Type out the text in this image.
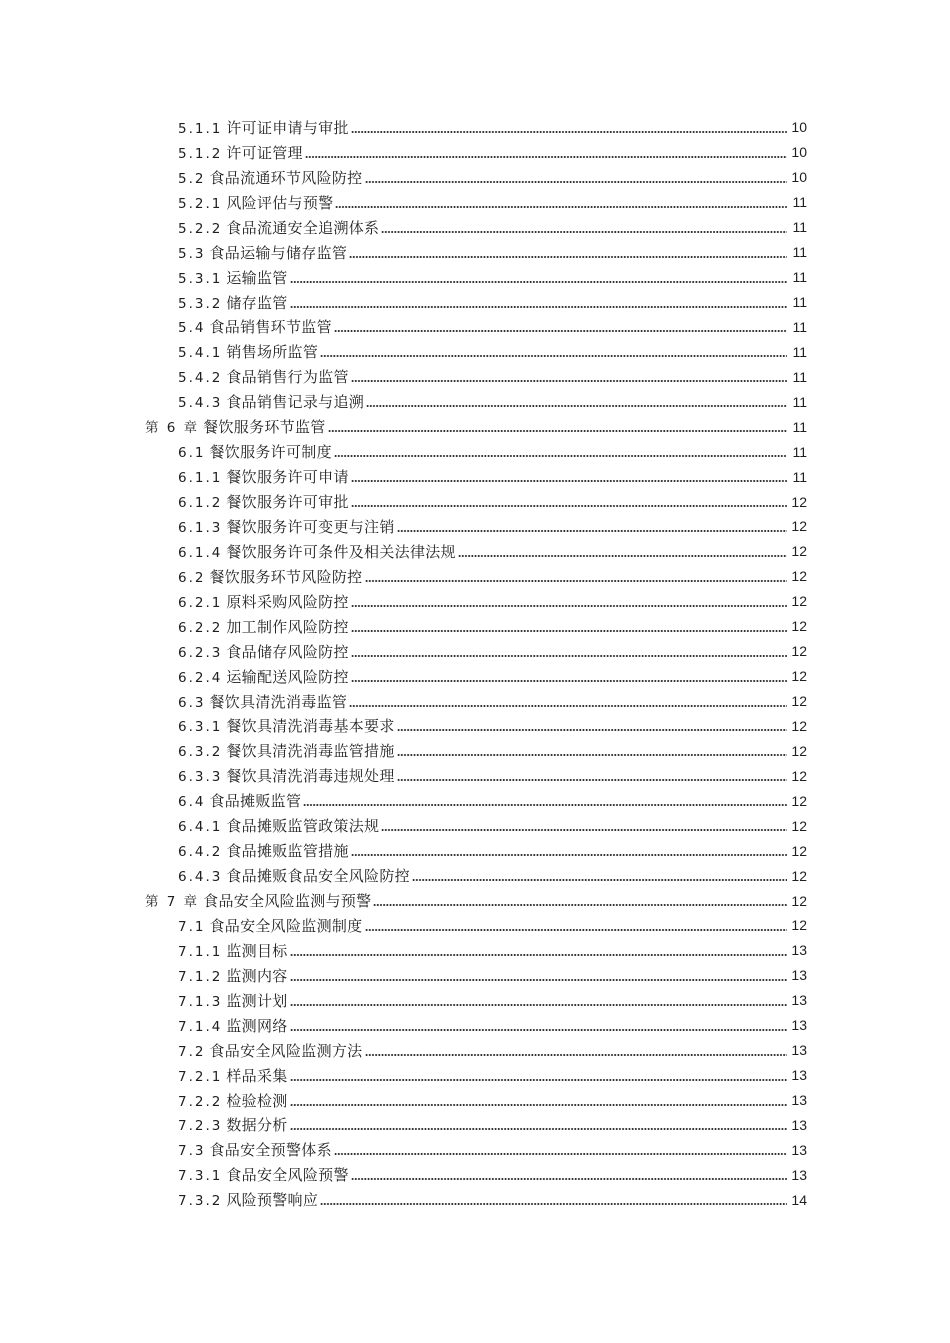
5.1.1 许可证申请与审批	10
5.1.2 许可证管理	10
5.2 食品流通环节风险防控	10
5.2.1 风险评估与预警	11
5.2.2 食品流通安全追溯体系	11
5.3 食品运输与储存监管	11
5.3.1 运输监管	11
5.3.2 储存监管	11
5.4 食品销售环节监管	11
5.4.1 销售场所监管	11
5.4.2 食品销售行为监管	11
5.4.3 食品销售记录与追溯	11
第 6 章 餐饮服务环节监管	11
6.1 餐饮服务许可制度	11
6.1.1 餐饮服务许可申请	11
6.1.2 餐饮服务许可审批	12
6.1.3 餐饮服务许可变更与注销	12
6.1.4 餐饮服务许可条件及相关法律法规	12
6.2 餐饮服务环节风险防控	12
6.2.1 原料采购风险防控	12
6.2.2 加工制作风险防控	12
6.2.3 食品储存风险防控	12
6.2.4 运输配送风险防控	12
6.3 餐饮具清洗消毒监管	12
6.3.1 餐饮具清洗消毒基本要求	12
6.3.2 餐饮具清洗消毒监管措施	12
6.3.3 餐饮具清洗消毒违规处理	12
6.4 食品摊贩监管	12
6.4.1 食品摊贩监管政策法规	12
6.4.2 食品摊贩监管措施	12
6.4.3 食品摊贩食品安全风险防控	12
第 7 章 食品安全风险监测与预警	12
7.1 食品安全风险监测制度	12
7.1.1 监测目标	13
7.1.2 监测内容	13
7.1.3 监测计划	13
7.1.4 监测网络	13
7.2 食品安全风险监测方法	13
7.2.1 样品采集	13
7.2.2 检验检测	13
7.2.3 数据分析	13
7.3 食品安全预警体系	13
7.3.1 食品安全风险预警	13
7.3.2 风险预警响应	14
